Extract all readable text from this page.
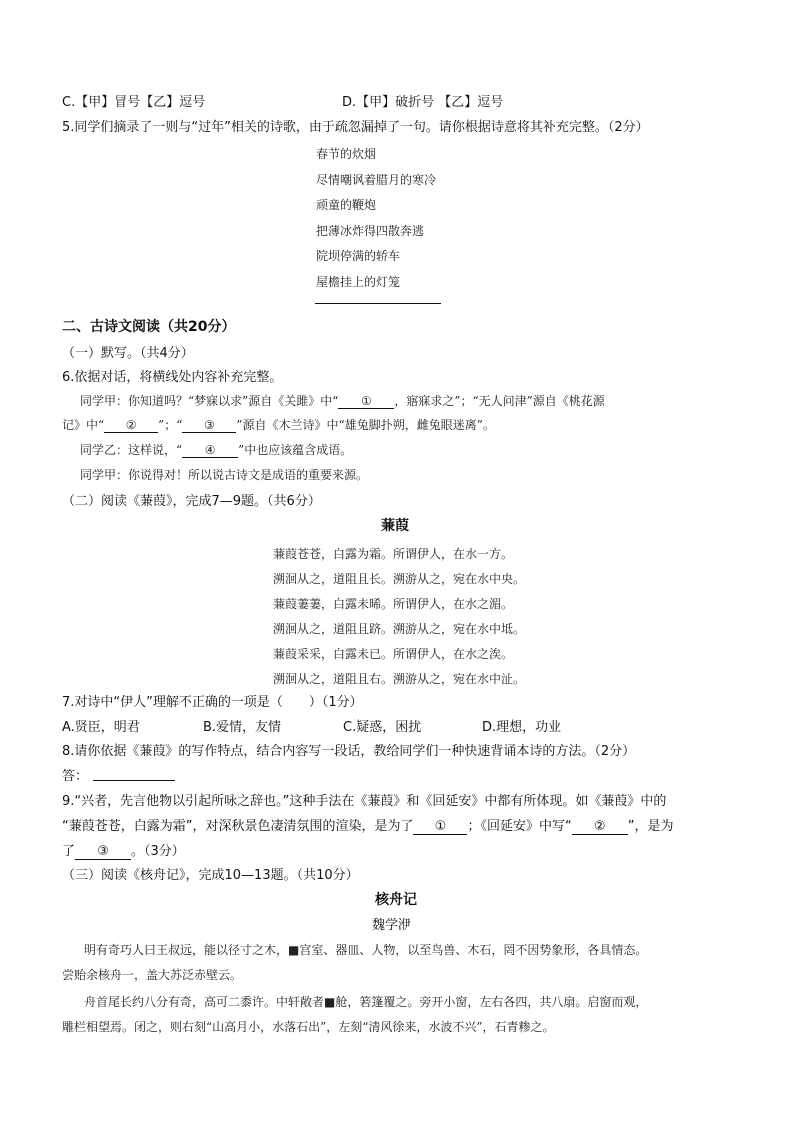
C.【甲】冒号【乙】逗号	D.【甲】破折号 【乙】逗号
5.同学们摘录了一则与“过年”相关的诗歌，由于疏忽漏掉了一句。请你根据诗意将其补充完整。（2分）
春节的炊烟
尽情嘲讽着腊月的寒冷
顽童的鞭炮
把薄冰炸得四散奔逃
院坝停满的轿车
屋檐挂上的灯笼
二、古诗文阅读（共20分）
（一）默写。（共4分）
6.依据对话，将横线处内容补充完整。
同学甲：你知道吗？“梦寐以求”源自《关雎》中“ ① ，寤寐求之”；“无人问津”源自《桃花源
记》中“ ② ”；“ ③ ”源自《木兰诗》中“雄兔脚扑朔，雌兔眼迷离”。
同学乙：这样说，“ ④ ”中也应该蕴含成语。
同学甲：你说得对！所以说古诗文是成语的重要来源。
（二）阅读《蒹葭》，完成7—9题。（共6分）
蒹葭
蒹葭苍苍，白露为霜。所谓伊人，在水一方。
溯洄从之，道阻且长。溯游从之，宛在水中央。
蒹葭萋萋，白露未晞。所谓伊人，在水之湄。
溯洄从之，道阻且跻。溯游从之，宛在水中坻。
蒹葭采采，白露未已。所谓伊人，在水之涘。
溯洄从之，道阻且右。溯游从之，宛在水中沚。
7.对诗中“伊人”理解不正确的一项是（　　）（1分）
A.贤臣，明君	B.爱情，友情	C.疑惑，困扰	D.理想，功业
8.请你依据《蒹葭》的写作特点，结合内容写一段话，教给同学们一种快速背诵本诗的方法。（2分）
答：
9.“兴者，先言他物以引起所咏之辞也。”这种手法在《蒹葭》和《回延安》中都有所体现。如《蒹葭》中的
“蒹葭苍苍，白露为霜”，对深秋景色凄清氛围的渲染，是为了 ① ；《回延安》中写“ ② ”，是为
了 ③ 。（3分）
（三）阅读《核舟记》，完成10—13题。（共10分）
核舟记
魏学洢
明有奇巧人曰王叔远，能以径寸之木，■宫室、器皿、人物，以至鸟兽、木石，罔不因势象形，各具情态。
尝贻余核舟一，盖大苏泛赤壁云。
舟首尾长约八分有奇，高可二黍许。中轩敞者■舱，箬篷覆之。旁开小窗，左右各四，共八扇。启窗而观，
雕栏相望焉。闭之，则右刻“山高月小，水落石出”，左刻“清风徐来，水波不兴”，石青糁之。
